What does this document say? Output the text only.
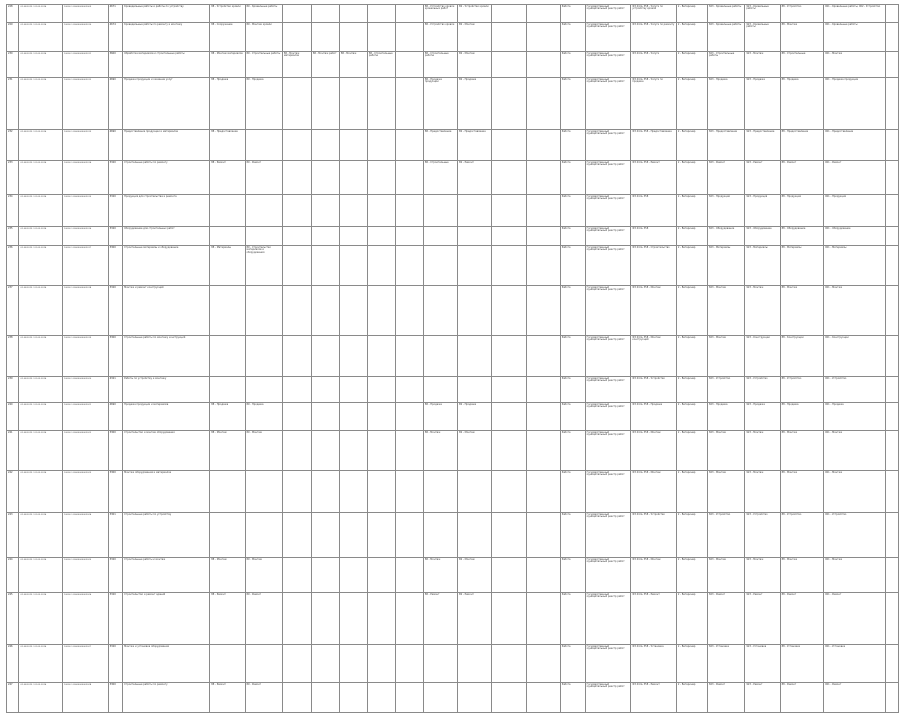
228	01.08.2015 / 01.05.2016	10000 / 00000000002009	4671	Кроведельные работы и работы по устройству	88 - Устройство кровли	89 - Кровельные работы						88 - Устройство кровли кровельных работ	В2 - Устройство кровли			Работа	Государственный муниципальный реестр работ	ФЗ 44 № 358 - Услуги по устройству кровли	2 - Ветеринар	823 - Кровельные работы	923 - Кровельные работы	88 - Устройство	001 - Кровельные работы, 002 - Устройство	
229	01.08.2015 / 01.05.2016	10000 / 00000000002010	4674	Кроведельные работы по ремонту и монтажу	88 - Сооружение	89 - Монтаж кровли						88 - Устройство кровли	В2 - Монтаж			Работа	Государственный муниципальный реестр работ	ФЗ 44 № 358 - Услуги по ремонту	2 - Ветеринар	823 - Кровельные работы	923 - Кровельные работы	88 - Монтаж	001 - Кровельные работы	
230	01.08.2015 / 01.05.2016	10000 / 00000000002011	3600	Обработка материалов и строительные работы	88 - Монтаж материалов	89 - Строительные работы	88 - Монтаж материалов	88 - Монтаж работ	88 - Монтаж	88 - Строительные работы		88 - Строительные работы	В2 - Монтаж			Работа	Государственный муниципальный реестр работ	ФЗ 44 № 358 - Услуги	2 - Ветеринар	823 - Строительные работы	923 - Монтаж	88 - Строительные	001 - Монтаж	
231	01.08.2015 / 01.05.2016	10000 / 00000000002012	4690	Продажа продукции и оказание услуг	88 - Продажа	89 - Продажа						88 - Продажа продукции	В2 - Продажа			Работа	Государственный муниципальный реестр работ	ФЗ 44 № 358 - Услуги по продаже	2 - Ветеринар	823 - Продажа	923 - Продажа	88 - Продажа	001 - Продажа продукции	
232	01.08.2015 / 01.05.2016	10000 / 00000000002013	4690	Предоставление продукции и материалов	88 - Предоставление							88 - Предоставление	В2 - Предоставление			Работа	Государственный муниципальный реестр работ	ФЗ 44 № 358 - Предоставление	2 - Ветеринар	823 - Предоставление	923 - Предоставление	88 - Предоставление	001 - Предоставление	
233	01.08.2015 / 01.05.2016	10000 / 00000000002014	3320	Строительные работы по ремонту	88 - Ремонт	89 - Ремонт						88 - Строительные	В2 - Ремонт			Работа	Государственный муниципальный реестр работ	ФЗ 44 № 358 - Ремонт	2 - Ветеринар	823 - Ремонт	923 - Ремонт	88 - Ремонт	001 - Ремонт	
234	01.08.2015 / 01.05.2016	10000 / 00000000002015	3320	Продукция для строительства и ремонта												Работа	Государственный муниципальный реестр работ	ФЗ 44 № 358	2 - Ветеринар	823 - Продукция	923 - Продукция	88 - Продукция	001 - Продукция	
235	01.08.2015 / 01.05.2016	10000 / 00000000002016	3320	Оборудование для строительных работ												Работа	Государственный муниципальный реестр работ	ФЗ 44 № 358	2 - Ветеринар	823 - Оборудование	923 - Оборудование	88 - Оборудование	001 - Оборудование	
236	01.08.2015 / 01.05.2016	10000 / 00000000002017	3300	Строительные материалы и оборудование	88 - Материалы	89 - Строительство материалов и оборудования										Работа	Государственный муниципальный реестр работ	ФЗ 44 № 358 - Строительство	2 - Ветеринар	823 - Материалы	923 - Материалы	88 - Материалы	001 - Материалы	
237	01.08.2015 / 01.05.2016	10000 / 00000000002018	3320	Монтаж и ремонт конструкций												Работа	Государственный муниципальный реестр работ	ФЗ 44 № 358 - Монтаж	2 - Ветеринар	823 - Монтаж	923 - Монтаж	88 - Монтаж	001 - Монтаж	
238	01.08.2015 / 01.05.2016	10000 / 00000000002019	3300	Строительные работы по монтажу конструкций												Работа	Государственный муниципальный реестр работ	ФЗ 44 № 358 - Монтаж конструкций	2 - Ветеринар	823 - Монтаж	923 - Конструкции	88 - Конструкции	001 - Конструкции	
239	01.08.2015 / 01.05.2016	10000 / 00000000002020	4321	Работы по устройству и монтажу												Работа	Государственный муниципальный реестр работ	ФЗ 44 № 358 - Устройство	2 - Ветеринар	823 - Устройство	923 - Устройство	88 - Устройство	001 - Устройство	
240	01.08.2015 / 01.05.2016	10000 / 00000000002021	4690	Продажа продукции и материалов	88 - Продажа	89 - Продажа						88 - Продажа	В2 - Продажа			Работа	Государственный муниципальный реестр работ	ФЗ 44 № 358 - Продажа	2 - Ветеринар	823 - Продажа	923 - Продажа	88 - Продажа	001 - Продажа	
241	01.08.2015 / 01.05.2016	10000 / 00000000002022	3300	Строительство и монтаж оборудования	88 - Монтаж	89 - Монтаж						88 - Монтаж	В2 - Монтаж			Работа	Государственный муниципальный реестр работ	ФЗ 44 № 358 - Монтаж	2 - Ветеринар	823 - Монтаж	923 - Монтаж	88 - Монтаж	001 - Монтаж	
242	01.08.2015 / 01.05.2016	10000 / 00000000002023	3300	Монтаж оборудования и материалов												Работа	Государственный муниципальный реестр работ	ФЗ 44 № 358 - Монтаж	2 - Ветеринар	823 - Монтаж	923 - Монтаж	88 - Монтаж	001 - Монтаж	
243	01.08.2015 / 01.05.2016	10000 / 00000000002024	3301	Строительные работы по устройству												Работа	Государственный муниципальный реестр работ	ФЗ 44 № 358 - Устройство	2 - Ветеринар	823 - Устройство	923 - Устройство	88 - Устройство	001 - Устройство	
244	01.08.2015 / 01.05.2016	10000 / 00000000002025	3320	Строительные работы и монтаж	88 - Монтаж	89 - Монтаж						88 - Монтаж	В2 - Монтаж			Работа	Государственный муниципальный реестр работ	ФЗ 44 № 358 - Монтаж	2 - Ветеринар	823 - Монтаж	923 - Монтаж	88 - Монтаж	001 - Монтаж	
245	01.08.2015 / 01.05.2016	10000 / 00000000002026	3320	Строительство и ремонт зданий	88 - Ремонт	89 - Ремонт						88 - Ремонт	В2 - Ремонт			Работа	Государственный муниципальный реестр работ	ФЗ 44 № 358 - Ремонт	2 - Ветеринар	823 - Ремонт	923 - Ремонт	88 - Ремонт	001 - Ремонт	
246	01.08.2015 / 01.05.2016	10000 / 00000000002027	3320	Монтаж и установка оборудования												Работа	Государственный муниципальный реестр работ	ФЗ 44 № 358 - Установка	2 - Ветеринар	823 - Установка	923 - Установка	88 - Установка	001 - Установка	
247	01.08.2015 / 01.05.2016	10000 / 00000000002028	3300	Строительные работы по ремонту	88 - Ремонт	89 - Ремонт										Работа	Государственный муниципальный реестр работ	ФЗ 44 № 358 - Ремонт	2 - Ветеринар	823 - Ремонт	923 - Ремонт	88 - Ремонт	001 - Ремонт	
